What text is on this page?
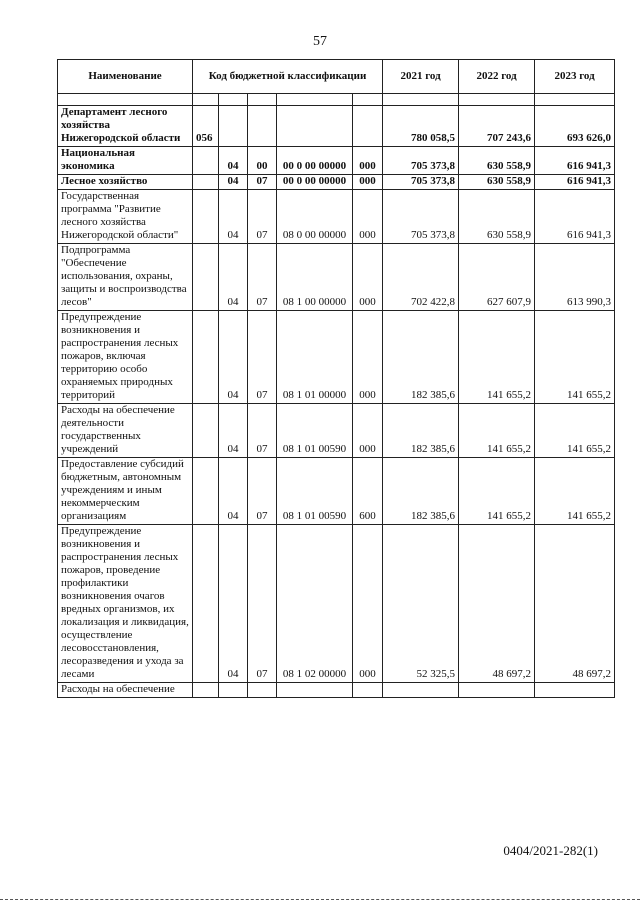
57
Наименование	Код бюджетной классификации					2021 год	2022 год	2023 год

Департамент лесного хозяйства Нижегородской области	056					780 058,5	707 243,6	693 626,0
Национальная экономика		04	00	00 0 00 00000	000	705 373,8	630 558,9	616 941,3
Лесное хозяйство		04	07	00 0 00 00000	000	705 373,8	630 558,9	616 941,3
Государственная программа "Развитие лесного хозяйства Нижегородской области"		04	07	08 0 00 00000	000	705 373,8	630 558,9	616 941,3
Подпрограмма "Обеспечение использования, охраны, защиты и воспроизводства лесов"		04	07	08 1 00 00000	000	702 422,8	627 607,9	613 990,3
Предупреждение возникновения и распространения лесных пожаров, включая территорию особо охраняемых природных территорий		04	07	08 1 01 00000	000	182 385,6	141 655,2	141 655,2
Расходы на обеспечение деятельности государственных учреждений		04	07	08 1 01 00590	000	182 385,6	141 655,2	141 655,2
Предоставление субсидий бюджетным, автономным учреждениям и иным некоммерческим организациям		04	07	08 1 01 00590	600	182 385,6	141 655,2	141 655,2
Предупреждение возникновения и распространения лесных пожаров, проведение профилактики возникновения очагов вредных организмов, их локализация и ликвидация, осуществление лесовосстановления, лесоразведения и ухода за лесами		04	07	08 1 02 00000	000	52 325,5	48 697,2	48 697,2
Расходы на обеспечение								
0404/2021-282(1)
